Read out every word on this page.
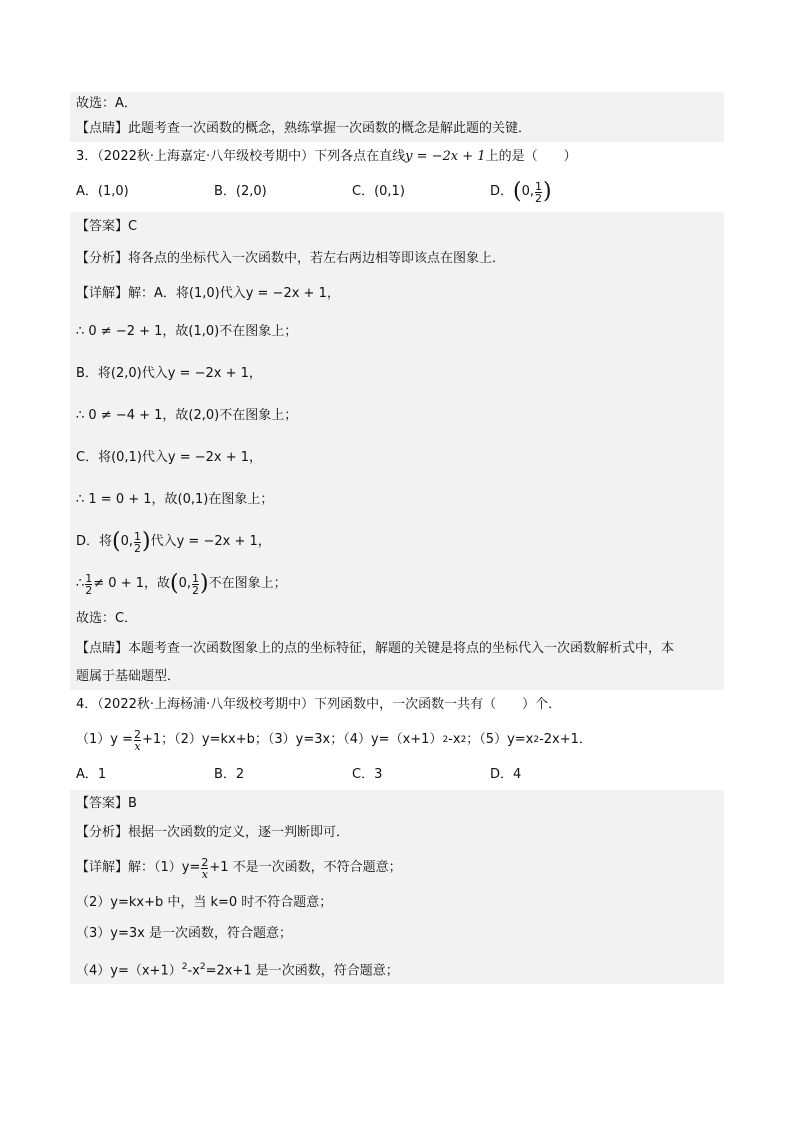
故选：A．
【点睛】此题考查一次函数的概念，熟练掌握一次函数的概念是解此题的关键．
3．（2022秋·上海嘉定·八年级校考期中）下列各点在直线y = −2x + 1上的是（　　）
A．(1,0)	B．(2,0)	C．(0,1)	D． ( 0, $\frac{1}{2}$ )
【答案】C
【分析】将各点的坐标代入一次函数中，若左右两边相等即该点在图象上．
【详解】解：A．将(1,0)代入y = −2x + 1，
∴ 0 ≠ −2 + 1，故(1,0)不在图象上；
B．将(2,0)代入y = −2x + 1，
∴ 0 ≠ −4 + 1，故(2,0)不在图象上；
C．将(0,1)代入y = −2x + 1，
∴ 1 = 0 + 1，故(0,1)在图象上；
D．将 ( 0, $\frac{1}{2}$ ) 代入y = −2x + 1，
∴ $\frac{1}{2} \ne 0 + 1$，故 ( 0, $\frac{1}{2}$ ) 不在图象上；
故选：C．
【点睛】本题考查一次函数图象上的点的坐标特征，解题的关键是将点的坐标代入一次函数解析式中，本
题属于基础题型．
4．（2022秋·上海杨浦·八年级校考期中）下列函数中，一次函数一共有（　　）个．
$(1)y = \frac{2}{x} +1$；（2）y=kx+b；（3）y=3x；（4）y=（x+1） 2 -x 2 ；（5）y=x 2 -2x+1．
A．1	B．2	C．3	D．4
【答案】B
【分析】根据一次函数的定义，逐一判断即可．
【详解】解：$(1)y= \frac{2}{x} +1$ 不是一次函数，不符合题意；
（2）y=kx+b 中，当 k=0 时不符合题意；
（3）y=3x 是一次函数，符合题意；
$(4)y=(x+1)^2-x^2=2x+1$ 是一次函数，符合题意；
